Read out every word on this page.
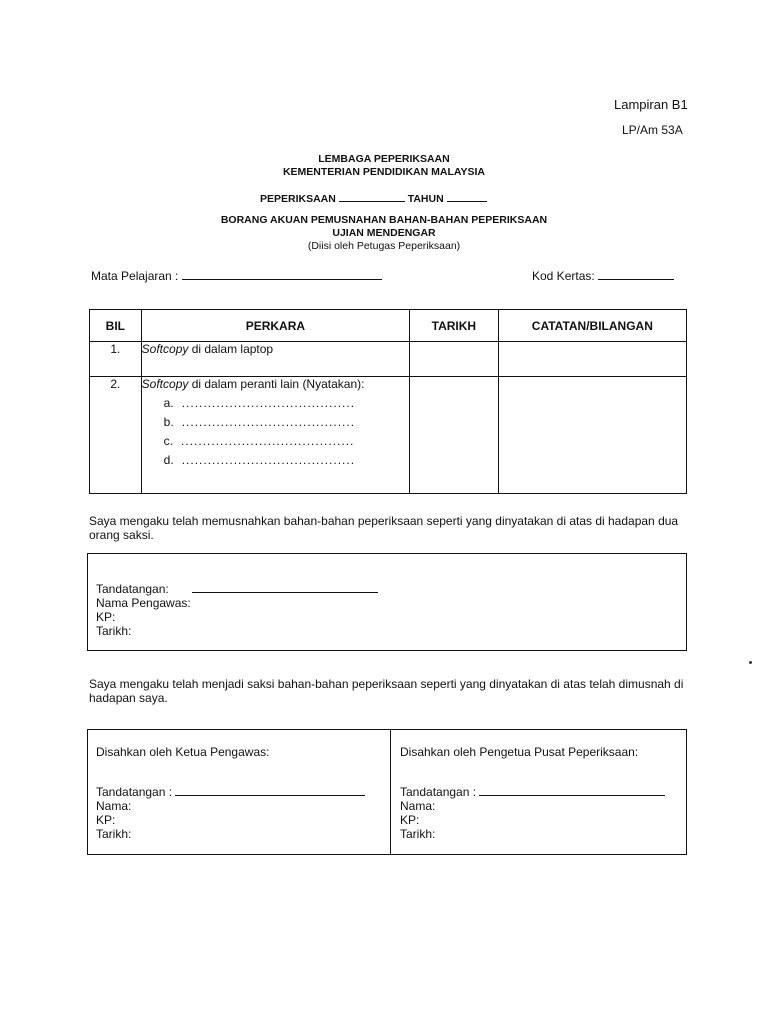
Lampiran B1
LP/Am 53A
LEMBAGA PEPERIKSAAN
KEMENTERIAN PENDIDIKAN MALAYSIA
PEPERIKSAAN	TAHUN
BORANG AKUAN PEMUSNAHAN BAHAN-BAHAN PEPERIKSAAN
UJIAN MENDENGAR
(Diisi oleh Petugas Peperiksaan)
Mata Pelajaran :	Kod Kertas:
BIL	PERKARA	TARIKH	CATATAN/BILANGAN
1.	Softcopy di dalam laptop		
2.	Softcopy di dalam peranti lain (Nyatakan):
a. ........................................
b. ........................................
c. ........................................
d. ........................................		

Saya mengaku telah memusnahkan bahan-bahan peperiksaan seperti yang dinyatakan di atas di hadapan dua orang saksi.
Tandatangan:
Nama Pengawas:
KP:
Tarikh:
Saya mengaku telah menjadi saksi bahan-bahan peperiksaan seperti yang dinyatakan di atas telah dimusnah di hadapan saya.
Disahkan oleh Ketua Pengawas:
Tandatangan :
Nama:
KP:
Tarikh:
Disahkan oleh Pengetua Pusat Peperiksaan:
Tandatangan :
Nama:
KP:
Tarikh:
